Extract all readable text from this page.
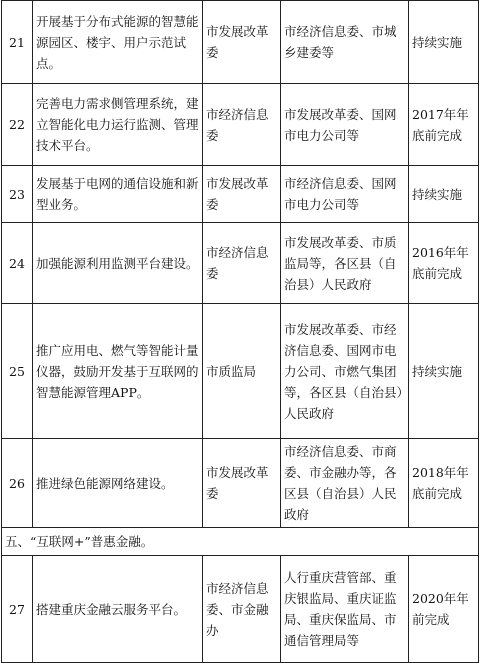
21	开展基于分布式能源的智慧能源园区、楼宇、用户示范试点。	市发展改革委	市经济信息委、市城乡建委等	持续实施
22	完善电力需求侧管理系统，建立智能化电力运行监测、管理技术平台。	市经济信息委	市发展改革委、国网市电力公司等	2017年年底前完成
23	发展基于电网的通信设施和新型业务。	市发展改革委	市经济信息委、国网市电力公司等	持续实施
24	加强能源利用监测平台建设。	市经济信息委	市发展改革委、市质监局等，各区县（自治县）人民政府	2016年年底前完成
25	推广应用电、燃气等智能计量仪器，鼓励开发基于互联网的智慧能源管理APP。	市质监局	市发展改革委、市经济信息委、国网市电力公司、市燃气集团等，各区县（自治县）人民政府	持续实施
26	推进绿色能源网络建设。	市发展改革委	市经济信息委、市商委、市金融办等，各区县（自治县）人民政府	2018年年底前完成
五、“互联网+”普惠金融。				
27	搭建重庆金融云服务平台。	市经济信息委、市金融办	人行重庆营管部、重庆银监局、重庆证监局、重庆保监局、市通信管理局等	2020年年前完成
